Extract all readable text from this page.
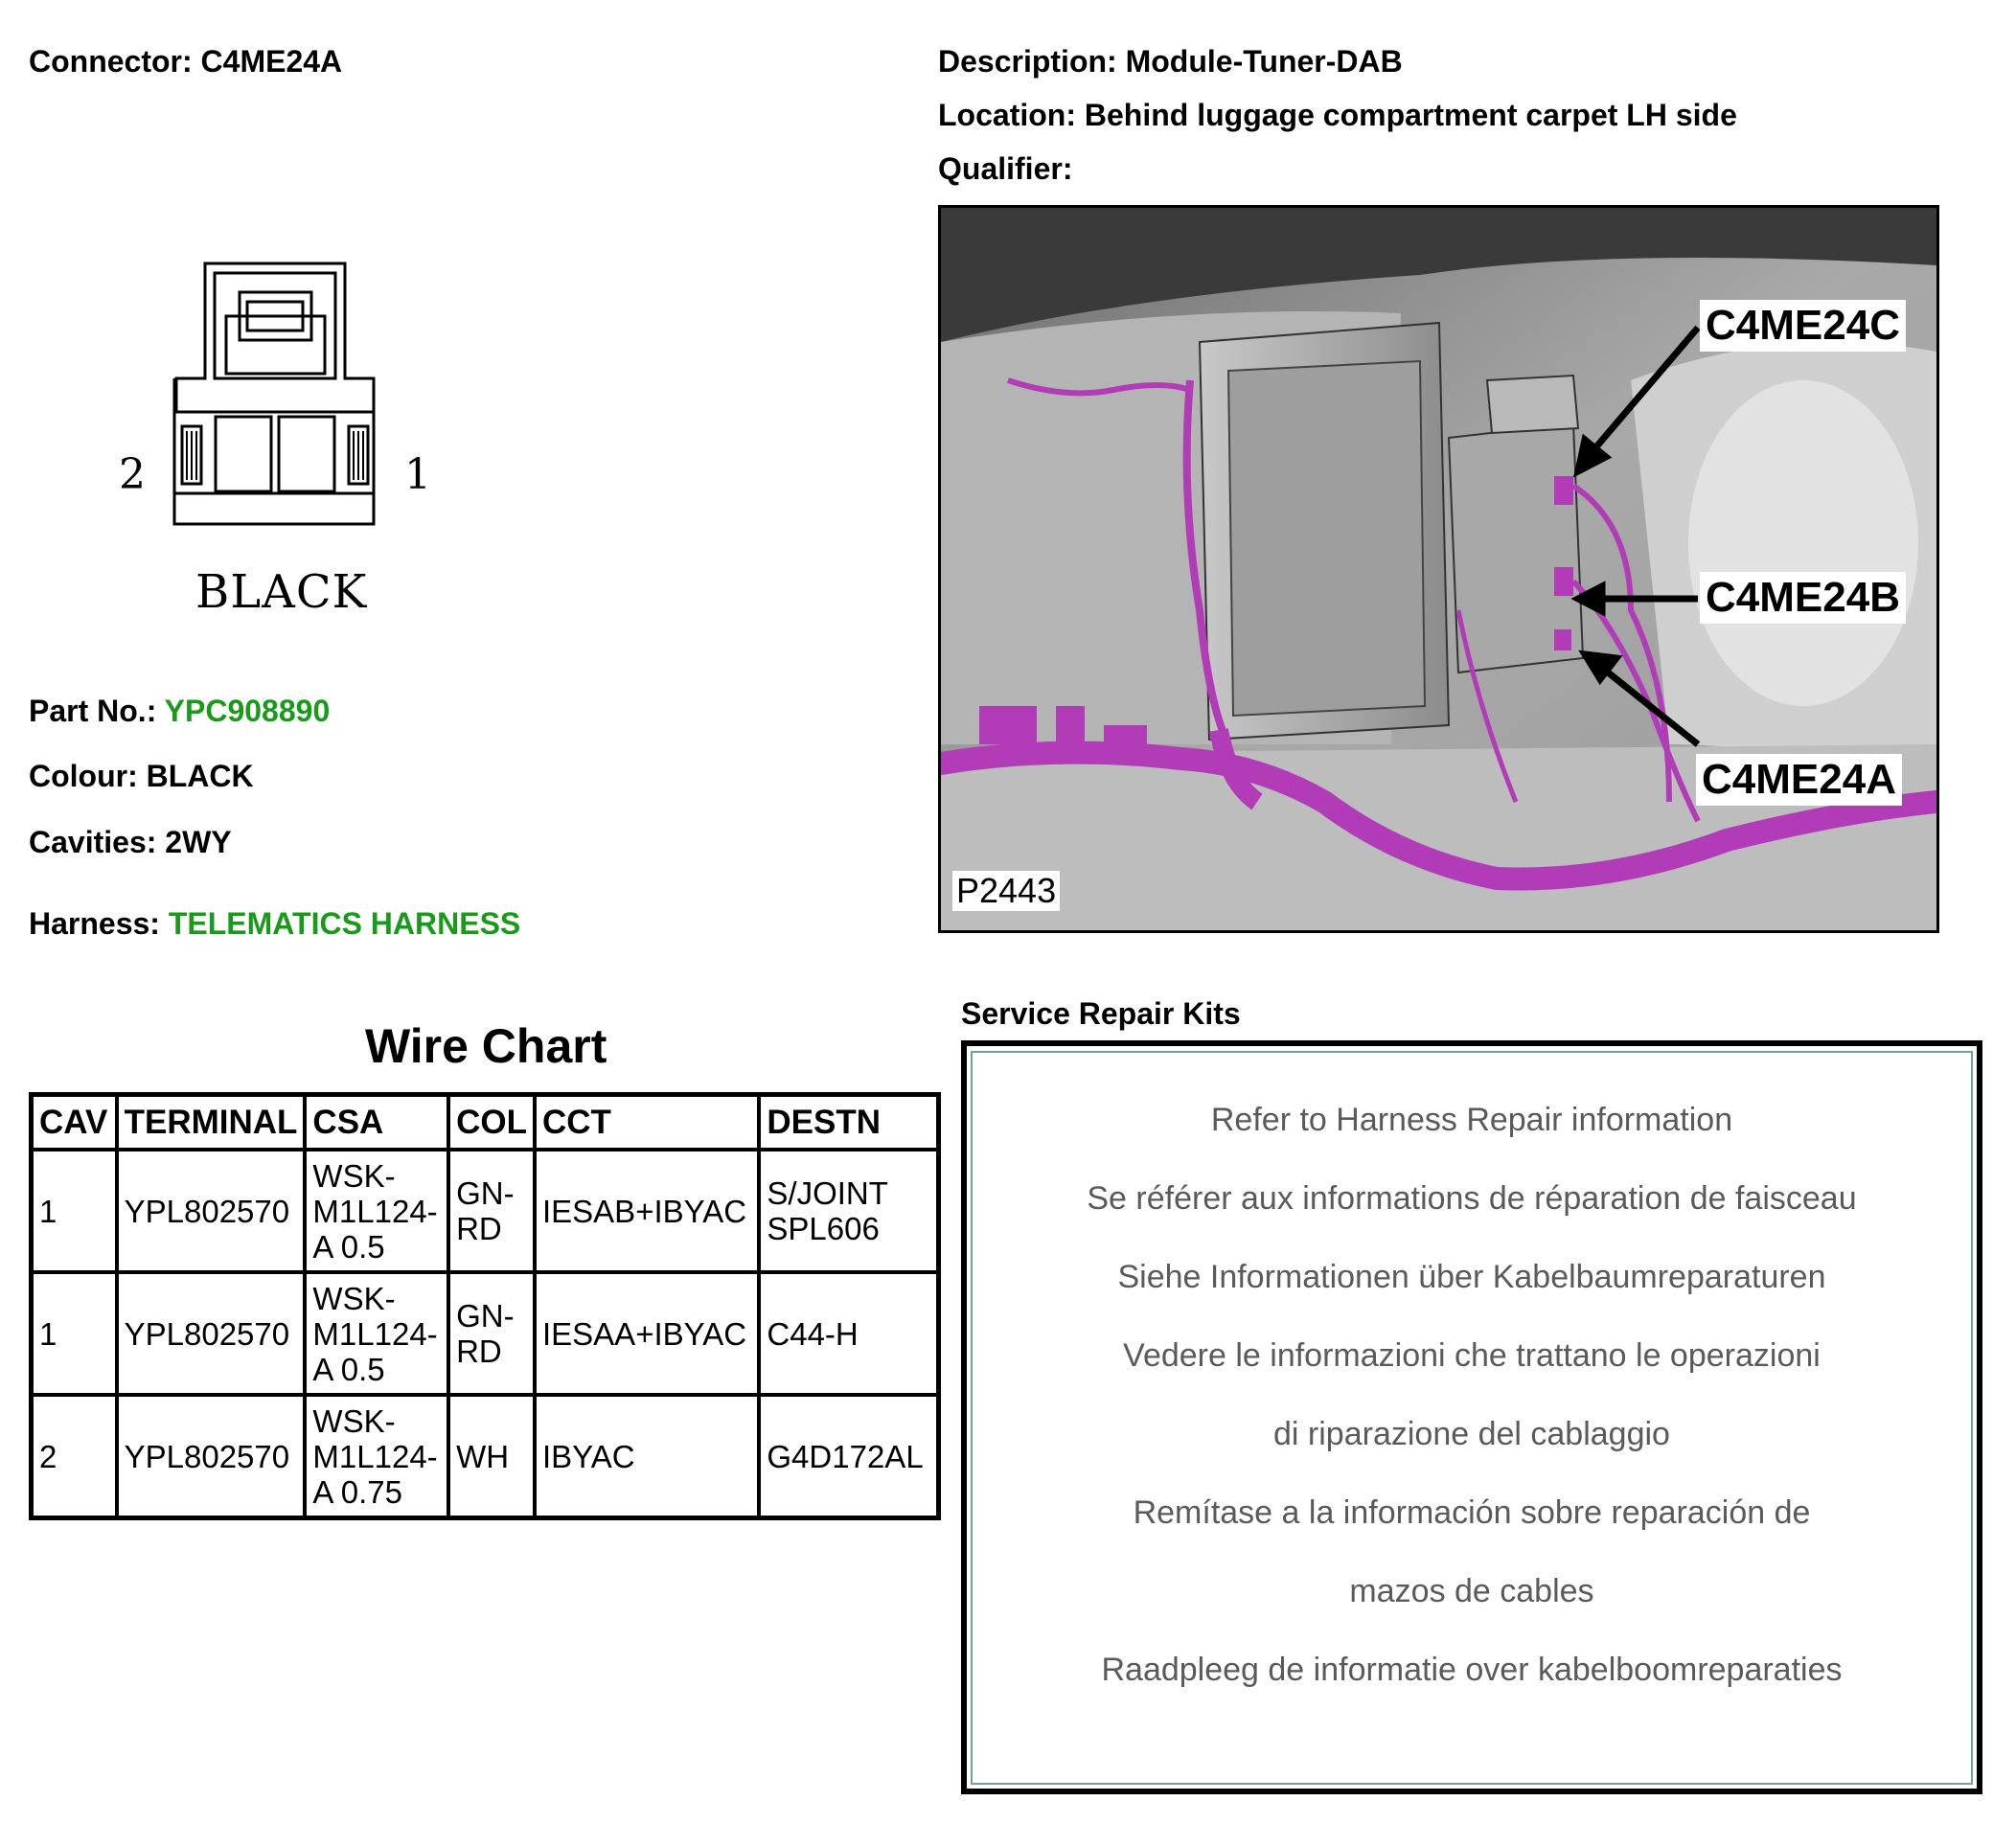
Connector: C4ME24A	Description: Module-Tuner-DAB
Location: Behind luggage compartment carpet LH side
Qualifier:
2	1
BLACK
Part No.: YPC908890
Colour: BLACK
Cavities: 2WY
Harness: TELEMATICS HARNESS
C4ME24C
C4ME24B
C4ME24A
P2443
Wire Chart
CAV	TERMINAL	CSA	COL	CCT	DESTN
1	YPL802570	WSK-M1L124-A 0.5	GN-RD	IESAB+IBYAC	S/JOINT SPL606
1	YPL802570	WSK-M1L124-A 0.5	GN-RD	IESAA+IBYAC	C44-H
2	YPL802570	WSK-M1L124-A 0.75	WH	IBYAC	G4D172AL
Service Repair Kits
Refer to Harness Repair information
Se référer aux informations de réparation de faisceau
Siehe Informationen über Kabelbaumreparaturen
Vedere le informazioni che trattano le operazioni
di riparazione del cablaggio
Remítase a la información sobre reparación de
mazos de cables
Raadpleeg de informatie over kabelboomreparaties
